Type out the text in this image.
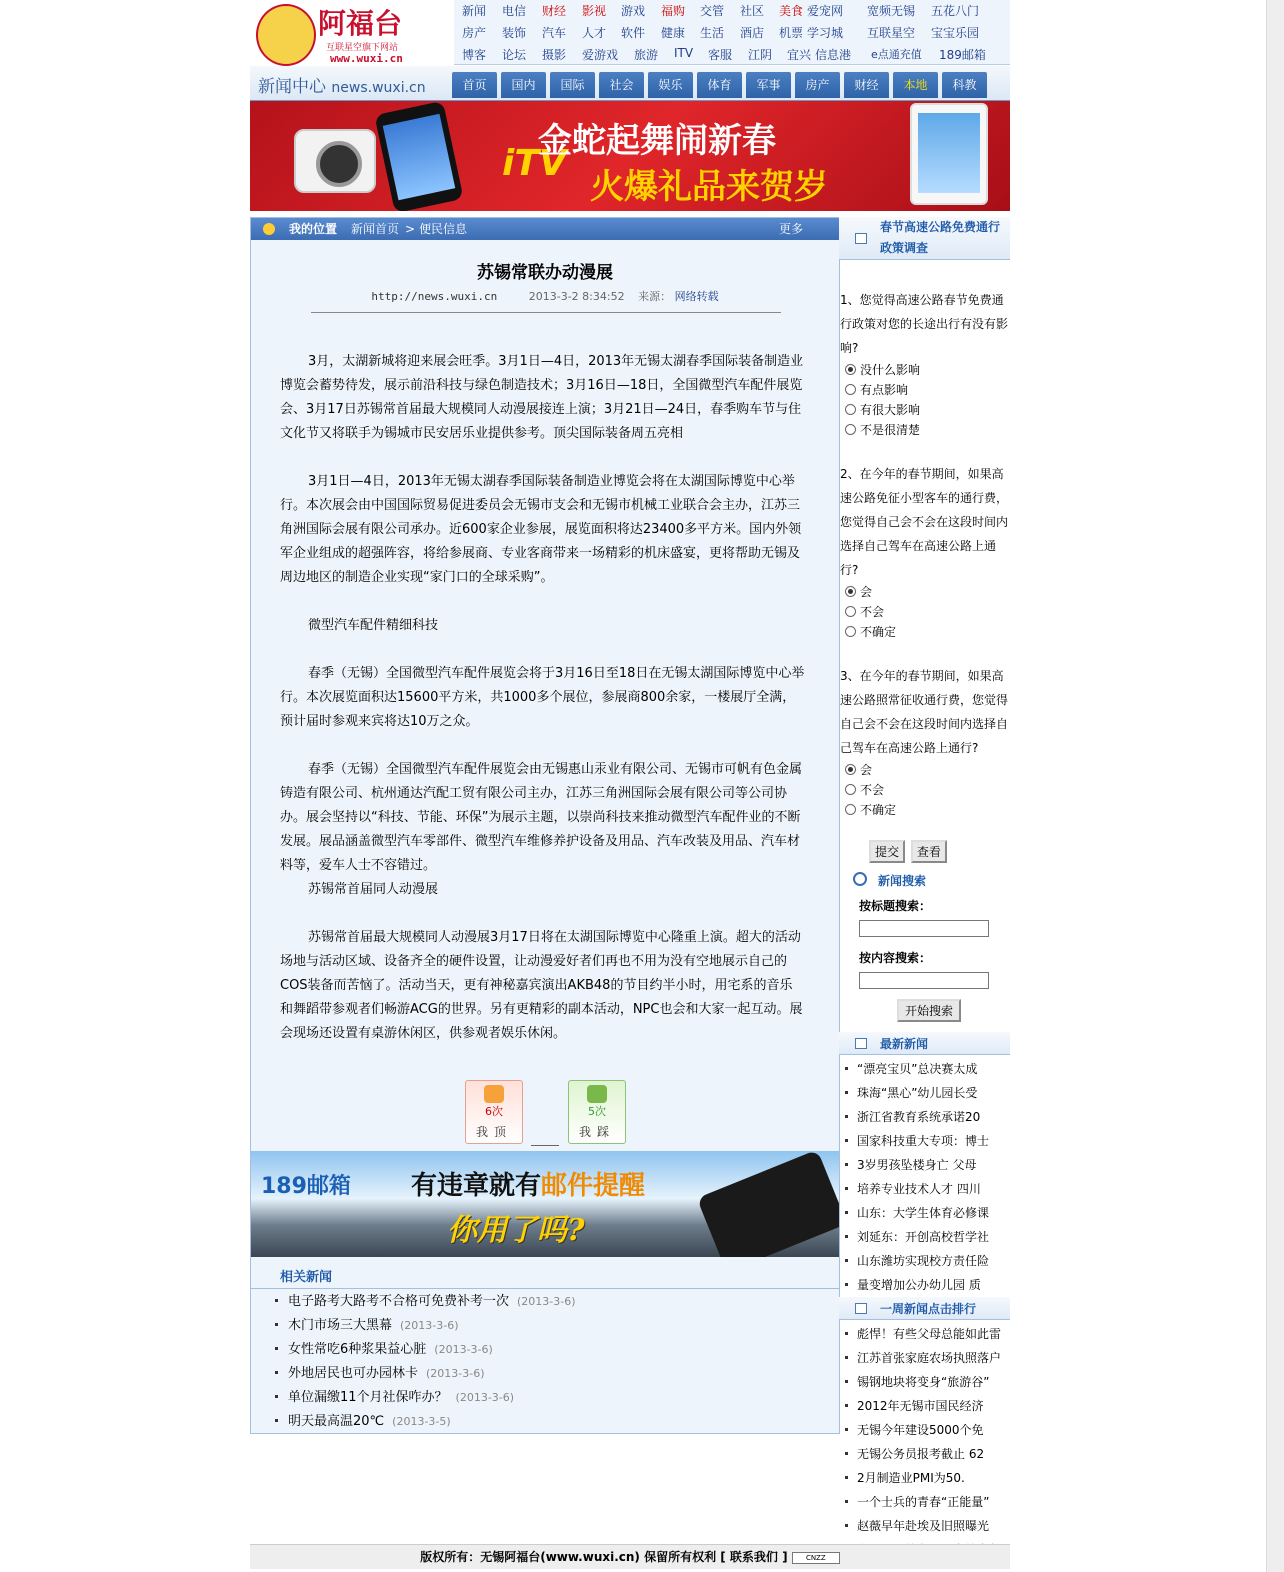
阿福台
互联星空旗下网站
www.wuxi.cn
新闻	电信	财经	影视	游戏	福购	交管	社区	美食 爱宠网	宽频无锡	五花八门
房产	装饰	汽车	人才	软件	健康	生活	酒店	机票 学习城	互联星空	宝宝乐园
博客	论坛	摄影	爱游戏	旅游	ITV	客服	江阴	宜兴 信息港	e点通充值	189邮箱
新闻中心 news.wuxi.cn	首页	国内	国际	社会	娱乐	体育	军事	房产	财经	本地	科教
iTV
金蛇起舞闹新春
火爆礼品来贺岁
我的位置 新闻首页 > 便民信息	更多
苏锡常联办动漫展
http://news.wuxi.cn	2013-3-2 8:34:52 来源： 网络转载

3月，太湖新城将迎来展会旺季。3月1日—4日，2013年无锡太湖春季国际装备制造业博览会蓄势待发，展示前沿科技与绿色制造技术；3月16日—18日，全国微型汽车配件展览会、3月17日苏锡常首届最大规模同人动漫展接连上演；3月21日—24日，春季购车节与住文化节又将联手为锡城市民安居乐业提供参考。顶尖国际装备周五亮相

3月1日—4日，2013年无锡太湖春季国际装备制造业博览会将在太湖国际博览中心举行。本次展会由中国国际贸易促进委员会无锡市支会和无锡市机械工业联合会主办，江苏三角洲国际会展有限公司承办。近600家企业参展，展览面积将达23400多平方米。国内外领军企业组成的超强阵容，将给参展商、专业客商带来一场精彩的机床盛宴，更将帮助无锡及周边地区的制造企业实现“家门口的全球采购”。

微型汽车配件精细科技

春季（无锡）全国微型汽车配件展览会将于3月16日至18日在无锡太湖国际博览中心举行。本次展览面积达15600平方米，共1000多个展位，参展商800余家，一楼展厅全满，预计届时参观来宾将达10万之众。

春季（无锡）全国微型汽车配件展览会由无锡惠山汞业有限公司、无锡市可帆有色金属铸造有限公司、杭州通达汽配工贸有限公司主办，江苏三角洲国际会展有限公司等公司协办。展会坚持以“科技、节能、环保”为展示主题，以崇尚科技来推动微型汽车配件业的不断发展。展品涵盖微型汽车零部件、微型汽车维修养护设备及用品、汽车改装及用品、汽车材料等，爱车人士不容错过。

苏锡常首届同人动漫展

苏锡常首届最大规模同人动漫展3月17日将在太湖国际博览中心隆重上演。超大的活动场地与活动区域、设备齐全的硬件设置，让动漫爱好者们再也不用为没有空地展示自己的COS装备而苦恼了。活动当天，更有神秘嘉宾演出AKB48的节目约半小时，用宅系的音乐和舞蹈带参观者们畅游ACG的世界。另有更精彩的副本活动，NPC也会和大家一起互动。展会现场还设置有桌游休闲区，供参观者娱乐休闲。

6次
我顶
5次
我踩
189邮箱 有违章就有邮件提醒
你用了吗?
相关新闻
电子路考大路考不合格可免费补考一次 (2013-3-6)
木门市场三大黑幕 (2013-3-6)
女性常吃6种浆果益心脏 (2013-3-6)
外地居民也可办园林卡 (2013-3-6)
单位漏缴11个月社保咋办？ (2013-3-6)
明天最高温20℃ (2013-3-5)
春节高速公路免费通行政策调查
1、您觉得高速公路春节免费通行政策对您的长途出行有没有影响?
没什么影响
有点影响
有很大影响
不是很清楚
2、在今年的春节期间，如果高速公路免征小型客车的通行费，您觉得自己会不会在这段时间内选择自己驾车在高速公路上通行?
会
不会
不确定
3、在今年的春节期间，如果高速公路照常征收通行费，您觉得自己会不会在这段时间内选择自己驾车在高速公路上通行?
会
不会
不确定
提交 查看
新闻搜索
按标题搜索：
按内容搜索：
开始搜索
最新新闻
“漂亮宝贝”总决赛太成
珠海“黑心”幼儿园长受
浙江省教育系统承诺20
国家科技重大专项：博士
3岁男孩坠楼身亡 父母
培养专业技术人才 四川
山东：大学生体育必修课
刘延东：开创高校哲学社
山东潍坊实现校方责任险
量变增加公办幼儿园 质
一周新闻点击排行
彪悍！有些父母总能如此雷
江苏首张家庭农场执照落户
锡钢地块将变身“旅游谷”
2012年无锡市国民经济
无锡今年建设5000个免
无锡公务员报考截止 62
2月制造业PMI为50.
一个士兵的青春“正能量”
赵薇早年赴埃及旧照曝光
版权所有：无锡阿福台(www.wuxi.cn) 保留所有权利 [ 联系我们 ]	CNZZ
